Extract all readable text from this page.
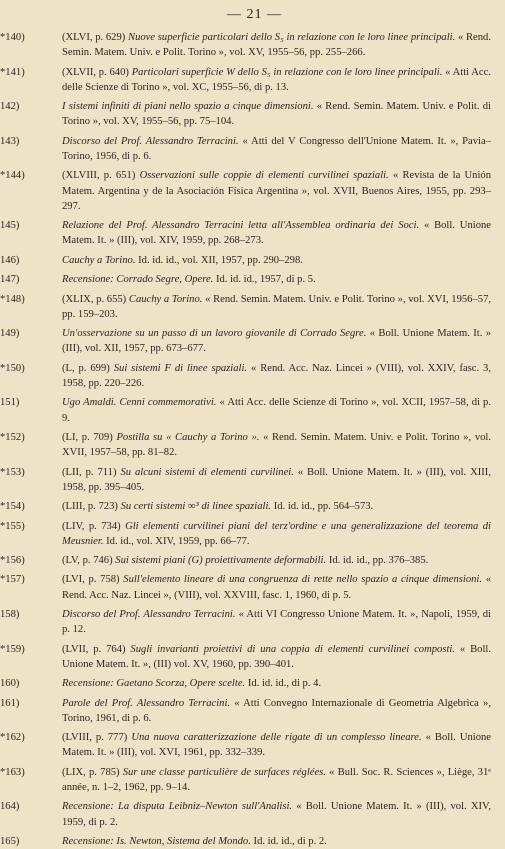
— 21 —
*140)	(XLVI, p. 629) Nuove superficie particolari dello S₅ in relazione con le loro linee principali. « Rend. Semin. Matem. Univ. e Polit. Torino », vol. XV, 1955–56, pp. 255–266.
*141)	(XLVII, p. 640) Particolari superficie W dello S₅ in relazione con le loro linee principali. « Atti Acc. delle Scienze di Torino », vol. XC, 1955–56, di p. 13.
142)	I sistemi infiniti di piani nello spazio a cinque dimensioni. « Rend. Semin. Matem. Univ. e Polit. di Torino », vol. XV, 1955–56, pp. 75–104.
143)	Discorso del Prof. Alessandro Terracini. « Atti del V Congresso dell'Unione Matem. It. », Pavia–Torino, 1956, di p. 6.
*144)	(XLVIII, p. 651) Osservazioni sulle coppie di elementi curvilinei spaziali. « Revista de la Unión Matem. Argentina y de la Asociación Física Argentina », vol. XVII, Buenos Aires, 1955, pp. 293–297.
145)	Relazione del Prof. Alessandro Terracini letta all'Assemblea ordinaria dei Soci. « Boll. Unione Matem. It. » (III), vol. XIV, 1959, pp. 268–273.
146)	Cauchy a Torino. Id. id. id., vol. XII, 1957, pp. 290–298.
147)	Recensione: Corrado Segre, Opere. Id. id. id., 1957, di p. 5.
*148)	(XLIX, p. 655) Cauchy a Torino. « Rend. Semin. Matem. Univ. e Polit. Torino », vol. XVI, 1956–57, pp. 159–203.
149)	Un'osservazione su un passo di un lavoro giovanile di Corrado Segre. « Boll. Unione Matem. It. » (III), vol. XII, 1957, pp. 673–677.
*150)	(L, p. 699) Sui sistemi F di linee spaziali. « Rend. Acc. Naz. Lincei » (VIII), vol. XXIV, fasc. 3, 1958, pp. 220–226.
151)	Ugo Amaldi. Cenni commemorativi. « Atti Acc. delle Scienze di Torino », vol. XCII, 1957–58, di p. 9.
*152)	(LI, p. 709) Postilla su « Cauchy a Torino ». « Rend. Semin. Matem. Univ. e Polit. Torino », vol. XVII, 1957–58, pp. 81–82.
*153)	(LII, p. 711) Su alcuni sistemi di elementi curvilinei. « Boll. Unione Matem. It. » (III), vol. XIII, 1958, pp. 395–405.
*154)	(LIII, p. 723) Su certi sistemi ∞³ di linee spaziali. Id. id. id., pp. 564–573.
*155)	(LIV, p. 734) Gli elementi curvilinei piani del terz'ordine e una generalizzazione del teorema di Meusnier. Id. id., vol. XIV, 1959, pp. 66–77.
*156)	(LV, p. 746) Sui sistemi piani (G) proiettivamente deformabili. Id. id. id., pp. 376–385.
*157)	(LVI, p. 758) Sull'elemento lineare di una congruenza di rette nello spazio a cinque dimensioni. « Rend. Acc. Naz. Lincei », (VIII), vol. XXVIII, fasc. 1, 1960, di p. 5.
158)	Discorso del Prof. Alessandro Terracini. « Atti VI Congresso Unione Matem. It. », Napoli, 1959, di p. 12.
*159)	(LVII, p. 764) Sugli invarianti proiettivi di una coppia di elementi curvilinei composti. « Boll. Unione Matem. It. », (III) vol. XV, 1960, pp. 390–401.
160)	Recensione: Gaetano Scorza, Opere scelte. Id. id. id., di p. 4.
161)	Parole del Prof. Alessandro Terracini. « Atti Convegno Internazionale di Geometria Algebrica », Torino, 1961, di p. 6.
*162)	(LVIII, p. 777) Una nuova caratterizzazione delle rigate di un complesso lineare. « Boll. Unione Matem. It. » (III), vol. XVI, 1961, pp. 332–339.
*163)	(LIX, p. 785) Sur une classe particulière de surfaces réglées. « Bull. Soc. R. Sciences », Liège, 31ᵉ année, n. 1–2, 1962, pp. 9–14.
164)	Recensione: La disputa Leibniz–Newton sull'Analisi. « Boll. Unione Matem. It. » (III), vol. XIV, 1959, di p. 2.
165)	Recensione: Is. Newton, Sistema del Mondo. Id. id. id., di p. 2.
